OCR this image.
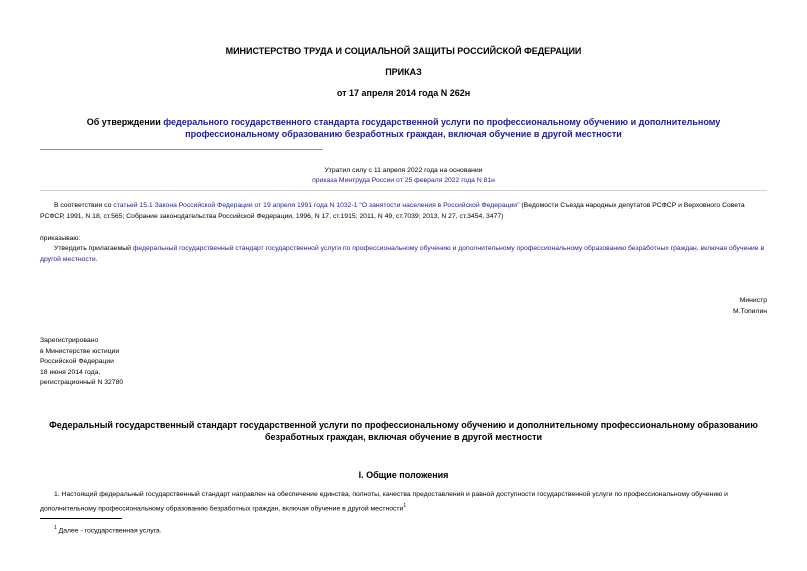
МИНИСТЕРСТВО ТРУДА И СОЦИАЛЬНОЙ ЗАЩИТЫ РОССИЙСКОЙ ФЕДЕРАЦИИ
ПРИКАЗ
от 17 апреля 2014 года N 262н
Об утверждении федерального государственного стандарта государственной услуги по профессиональному обучению и дополнительному профессиональному образованию безработных граждан, включая обучение в другой местности
Утратил силу с 11 апреля 2022 года на основании
приказа Минтруда России от 25 февраля 2022 года N 81н
В соответствии со статьей 15.1 Закона Российской Федерации от 19 апреля 1991 года N 1032-1 "О занятости населения в Российской Федерации" (Ведомости Съезда народных депутатов РСФСР и Верховного Совета РСФСР, 1991, N 18, ст.565; Собрание законодательства Российской Федерации, 1996, N 17, ст.1915; 2011, N 49, ст.7039; 2013, N 27, ст.3454, 3477)
приказываю:
Утвердить прилагаемый федеральный государственный стандарт государственной услуги по профессиональному обучению и дополнительному профессиональному образованию безработных граждан, включая обучение в другой местности.
Министр
М.Топилин

Зарегистрировано

в Министерстве юстиции

Российской Федерации

18 июня 2014 года,

регистрационный N 32780

Федеральный государственный стандарт государственной услуги по профессиональному обучению и дополнительному профессиональному образованию безработных граждан, включая обучение в другой местности
I. Общие положения
1. Настоящий федеральный государственный стандарт направлен на обеспечение единства, полноты, качества предоставления и равной доступности государственной услуги по профессиональному обучению и дополнительному профессиональному образованию безработных граждан, включая обучение в другой местности$^1$
$^1$ Далее - государственная услуга.
